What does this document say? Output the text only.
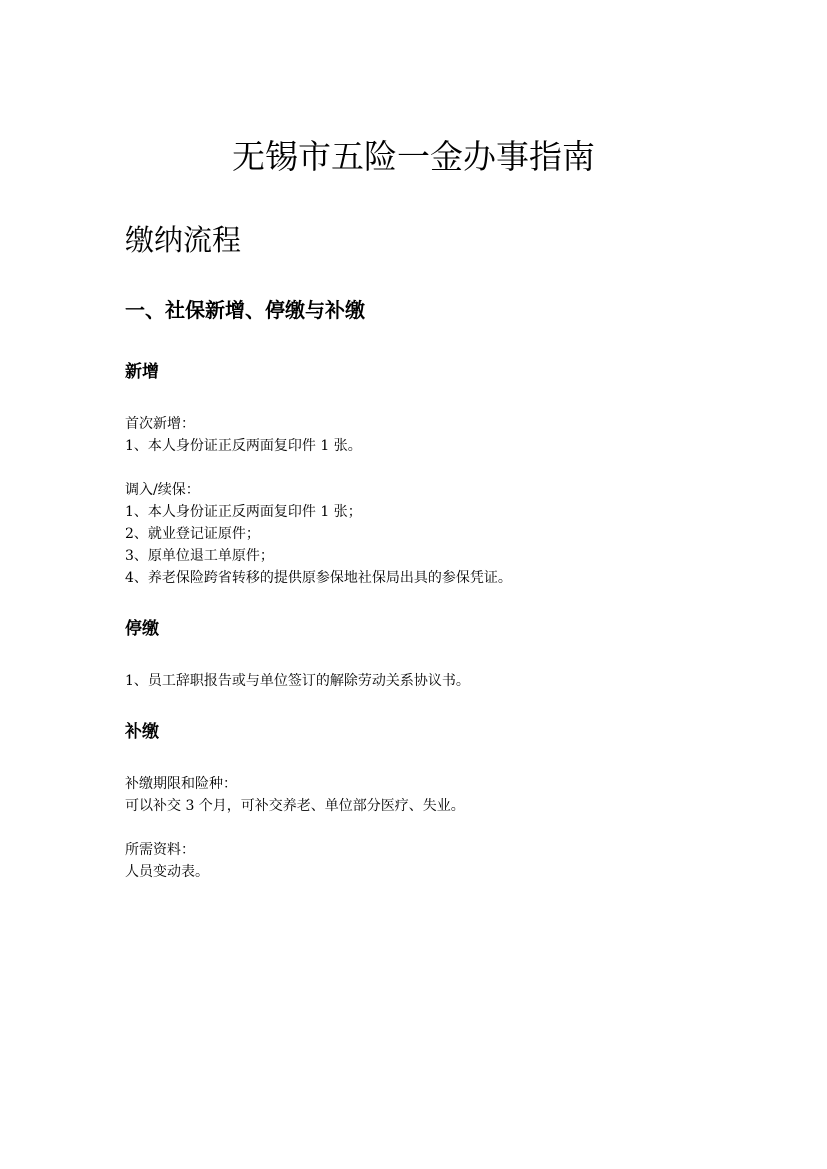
无锡市五险一金办事指南
缴纳流程
一、社保新增、停缴与补缴
新增
首次新增：
1、本人身份证正反两面复印件 1 张。
调入/续保：
1、本人身份证正反两面复印件 1 张；
2、就业登记证原件；
3、原单位退工单原件；
4、养老保险跨省转移的提供原参保地社保局出具的参保凭证。
停缴
1、员工辞职报告或与单位签订的解除劳动关系协议书。
补缴
补缴期限和险种：
可以补交 3 个月，可补交养老、单位部分医疗、失业。
所需资料：
人员变动表。
